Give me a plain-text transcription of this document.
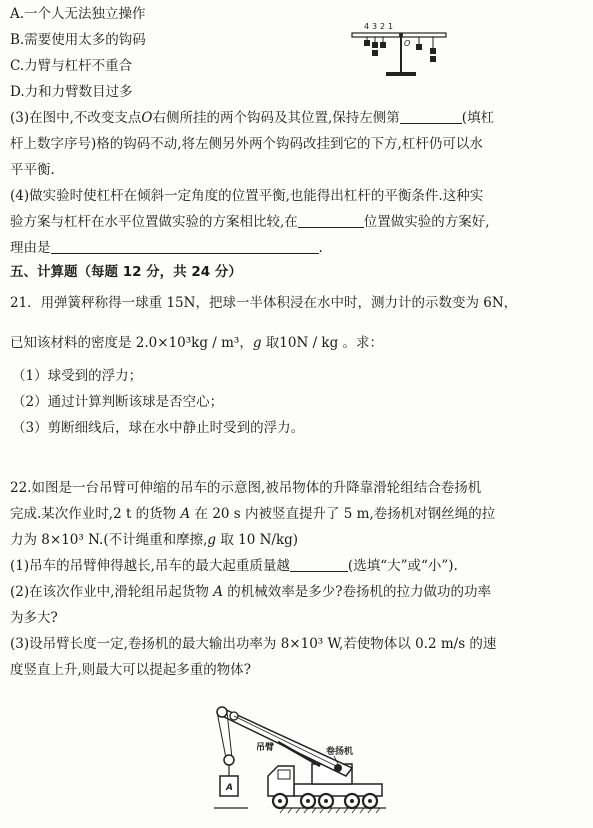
A.一个人无法独立操作
B.需要使用太多的钩码
C.力臂与杠杆不重合
D.力和力臂数目过多
4 3 2 1
O
(3)在图中,不改变支点O右侧所挂的两个钩码及其位置,保持左侧第	(填杠
杆上数字序号)格的钩码不动,将左侧另外两个钩码改挂到它的下方,杠杆仍可以水
平平衡.
(4)做实验时使杠杆在倾斜一定角度的位置平衡,也能得出杠杆的平衡条件.这种实
验方案与杠杆在水平位置做实验的方案相比较,在	位置做实验的方案好,
理由是	.
五、计算题（每题 12 分，共 24 分）
21．用弹簧秤称得一球重 15N，把球一半体积浸在水中时，测力计的示数变为 6N，
已知该材料的密度是 2.0×10³kg / m³，g 取10N / kg 。求：
（1）球受到的浮力；
（2）通过计算判断该球是否空心；
（3）剪断细线后，球在水中静止时受到的浮力。
22.如图是一台吊臂可伸缩的吊车的示意图,被吊物体的升降靠滑轮组结合卷扬机
完成.某次作业时,2 t 的货物 A 在 20 s 内被竖直提升了 5 m,卷扬机对钢丝绳的拉
力为 8×10³ N.(不计绳重和摩擦,g 取 10 N/kg)
(1)吊车的吊臂伸得越长,吊车的最大起重质量越	(选填“大”或“小”).
(2)在该次作业中,滑轮组吊起货物 A 的机械效率是多少?卷扬机的拉力做功的功率
为多大?
(3)设吊臂长度一定,卷扬机的最大输出功率为 8×10³ W,若使物体以 0.2 m/s 的速
度竖直上升,则最大可以提起多重的物体?
A
吊臂	卷扬机
